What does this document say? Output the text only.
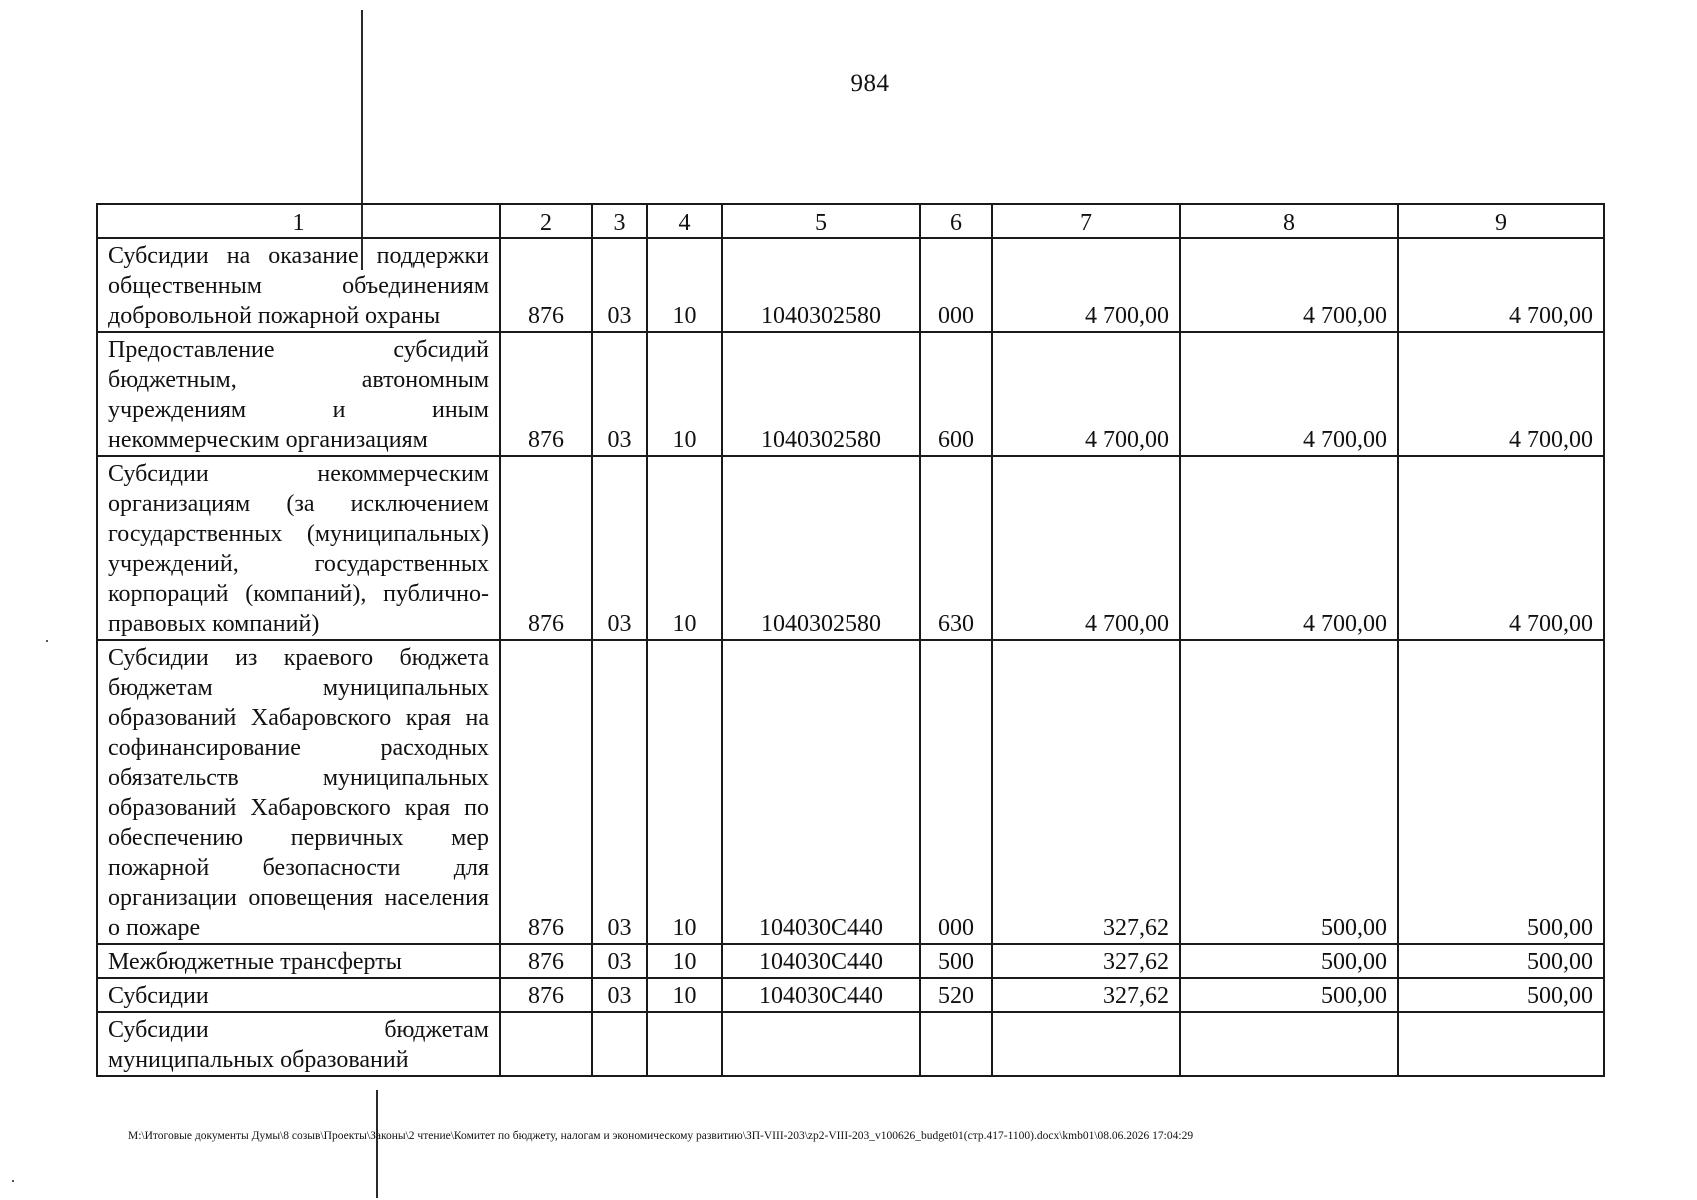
984
1	2	3	4	5	6	7	8	9
Субсидии на оказание поддержки общественным объединениям добровольной пожарной охраны	876	03	10	1040302580	000	4 700,00	4 700,00	4 700,00
Предоставление субсидий бюджетным, автономным учреждениям и иным некоммерческим организациям	876	03	10	1040302580	600	4 700,00	4 700,00	4 700,00
Субсидии некоммерческим организациям (за исключением государственных (муниципальных) учреждений, государственных корпораций (компаний), публично-правовых компаний)	876	03	10	1040302580	630	4 700,00	4 700,00	4 700,00
Субсидии из краевого бюджета бюджетам муниципальных образований Хабаровского края на софинансирование расходных обязательств муниципальных образований Хабаровского края по обеспечению первичных мер пожарной безопасности для организации оповещения населения о пожаре	876	03	10	104030С440	000	327,62	500,00	500,00
Межбюджетные трансферты	876	03	10	104030С440	500	327,62	500,00	500,00
Субсидии	876	03	10	104030С440	520	327,62	500,00	500,00
Субсидии бюджетам муниципальных образований								
M:\Итоговые документы Думы\8 созыв\Проекты\Законы\2 чтение\Комитет по бюджету, налогам и экономическому развитию\ЗП-VIII-203\zp2-VIII-203_v100626_budget01(стр.417-1100).docx\kmb01\08.06.2026 17:04:29
